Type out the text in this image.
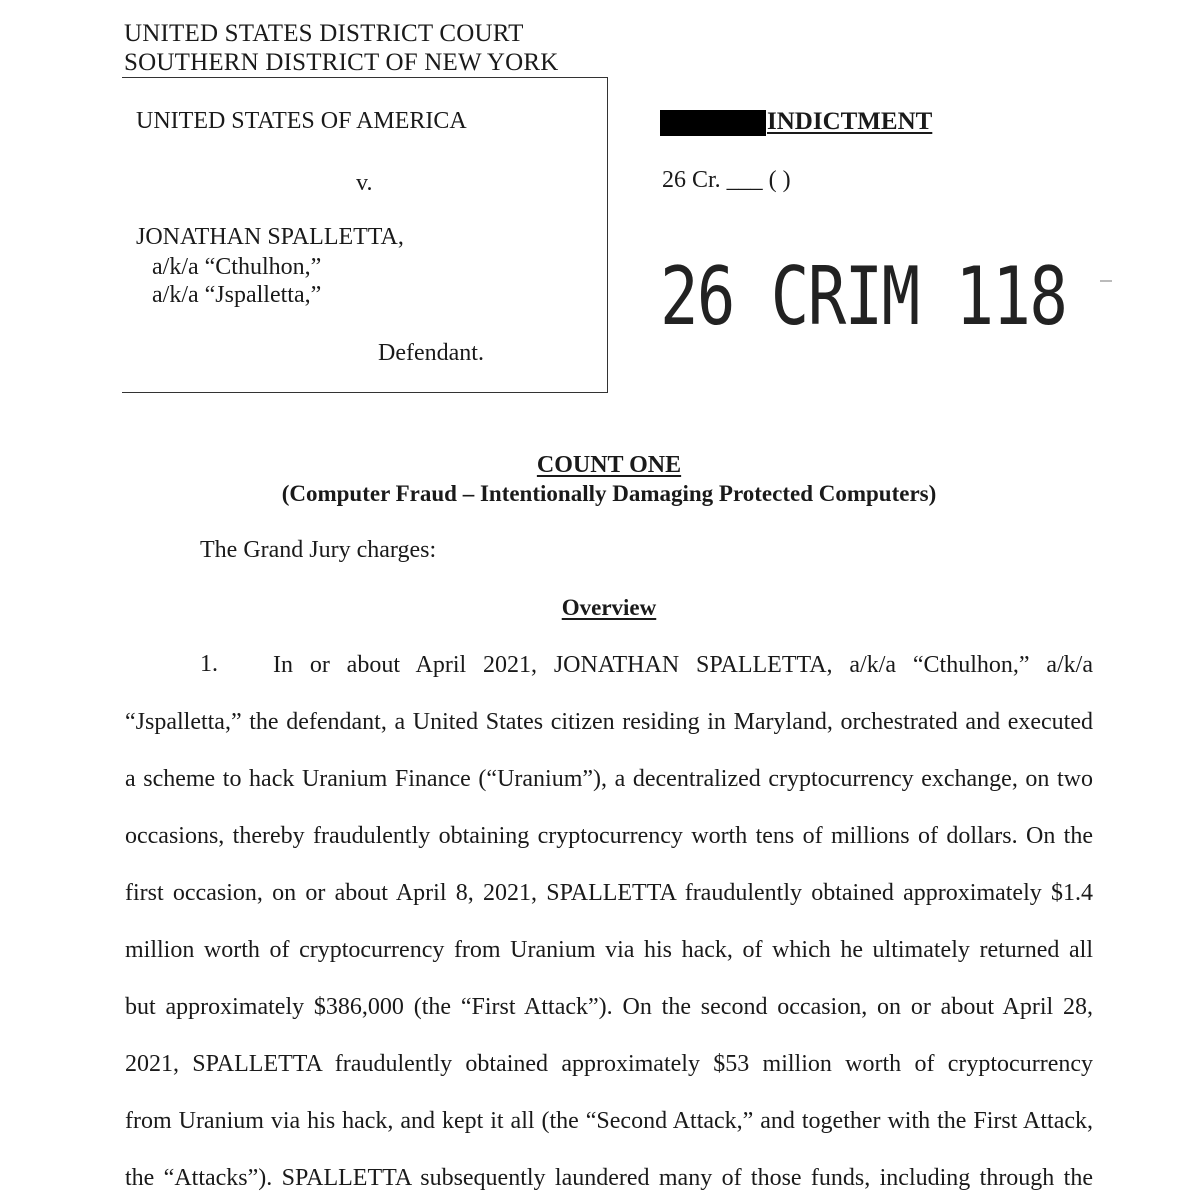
UNITED STATES DISTRICT COURT
SOUTHERN DISTRICT OF NEW YORK
UNITED STATES OF AMERICA
v.
JONATHAN SPALLETTA,
a/k/a “Cthulhon,”
a/k/a “Jspalletta,”
Defendant.
INDICTMENT
26 Cr. ___ ( )
26 CRIM 118
COUNT ONE
(Computer Fraud – Intentionally Damaging Protected Computers)
The Grand Jury charges:
Overview
1. In or about April 2021, JONATHAN SPALLETTA, a/k/a “Cthulhon,” a/k/a
“Jspalletta,” the defendant, a United States citizen residing in Maryland, orchestrated and executed
a scheme to hack Uranium Finance (“Uranium”), a decentralized cryptocurrency exchange, on two
occasions, thereby fraudulently obtaining cryptocurrency worth tens of millions of dollars. On the
first occasion, on or about April 8, 2021, SPALLETTA fraudulently obtained approximately $1.4
million worth of cryptocurrency from Uranium via his hack, of which he ultimately returned all
but approximately $386,000 (the “First Attack”). On the second occasion, on or about April 28,
2021, SPALLETTA fraudulently obtained approximately $53 million worth of cryptocurrency
from Uranium via his hack, and kept it all (the “Second Attack,” and together with the First Attack,
the “Attacks”). SPALLETTA subsequently laundered many of those funds, including through the
